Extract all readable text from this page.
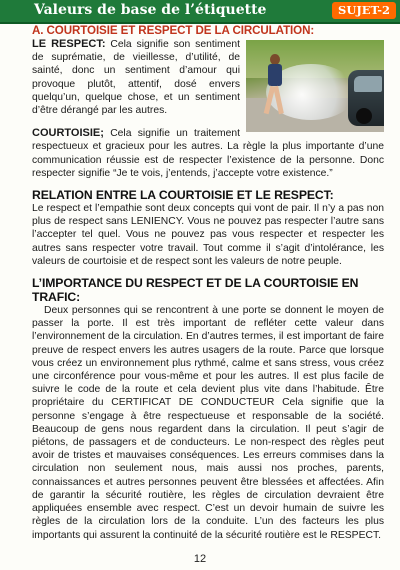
Valeurs de base de l’étiquette	SUJET-2
A. COURTOISIE ET RESPECT DE LA CIRCULATION:

LE RESPECT: Cela signifie son sentiment de suprématie, de vieillesse, d’utilité, de sainté, donc un sentiment d’amour qui provoque plutôt, attentif, dosé envers quelqu’un, quelque chose, et un sentiment d’être dérangé par les autres.

COURTOISIE; Cela signifie un traitement respectueux et gracieux pour les autres. La règle la plus importante d’une communication réussie est de respecter l’existence de la personne. Donc respecter signifie “Je te vois, j’entends, j’accepte votre existence.”

RELATION ENTRE LA COURTOISIE ET LE RESPECT:

Le respect et l’empathie sont deux concepts qui vont de pair. Il n’y a pas non plus de respect sans LENIENCY. Vous ne pouvez pas respecter l’autre sans l’accepter tel quel. Vous ne pouvez pas vous respecter et respecter les autres sans respecter votre travail. Tout comme il s’agit d’intolérance, les valeurs de courtoisie et de respect sont les valeurs de notre peuple.

L’IMPORTANCE DU RESPECT ET DE LA COURTOISIE EN TRAFIC:

Deux personnes qui se rencontrent à une porte se donnent le moyen de passer la porte. Il est très important de refléter cette valeur dans l’environnement de la circulation. En d’autres termes, il est important de faire preuve de respect envers les autres usagers de la route. Parce que lorsque vous créez un environnement plus rythmé, calme et sans stress, vous créez une circonférence pour vous-même et pour les autres. Il est plus facile de suivre le code de la route et cela devient plus vite dans l’habitude. Être propriétaire du CERTIFICAT DE CONDUCTEUR Cela signifie que la personne s’engage à être respectueuse et responsable de la société. Beaucoup de gens nous regardent dans la circulation. Il peut s’agir de piétons, de passagers et de conducteurs. Le non-respect des règles peut avoir de tristes et mauvaises conséquences. Les erreurs commises dans la circulation non seulement nous, mais aussi nos proches, parents, connaissances et autres personnes peuvent être blessées et affectées. Afin de garantir la sécurité routière, les règles de circulation devraient être appliquées ensemble avec respect. C’est un devoir humain de suivre les règles de la circulation lors de la conduite. L’un des facteurs les plus importants qui assurent la continuité de la sécurité routière est le RESPECT.

12
